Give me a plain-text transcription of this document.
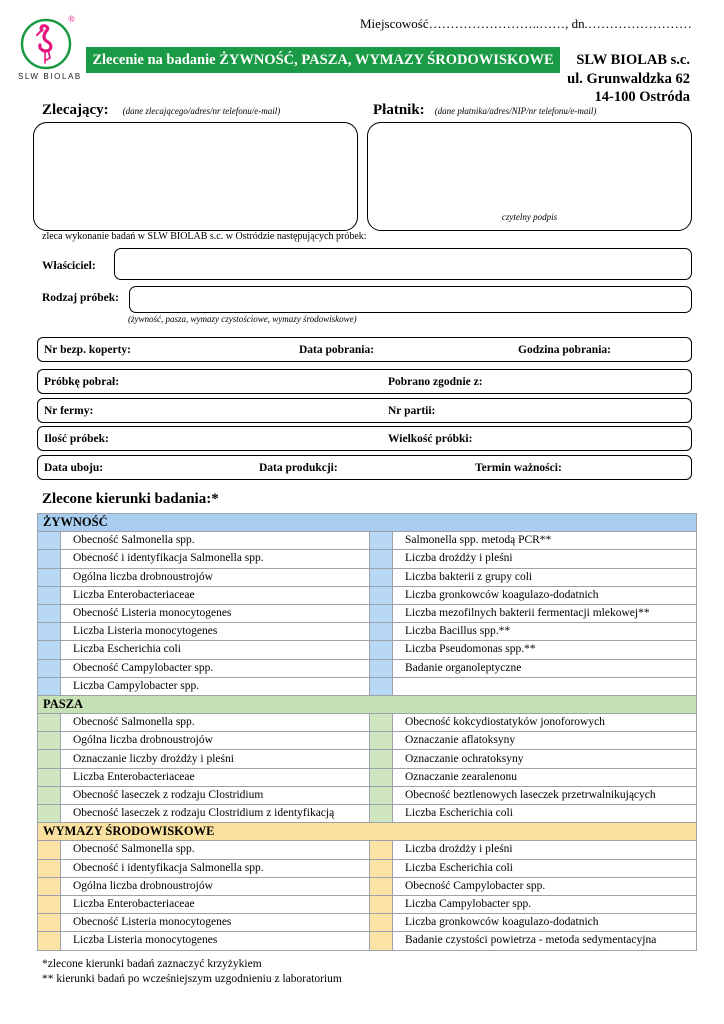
®
SLW BIOLAB
Miejscowość……………………..……, dn.……………………
Zlecenie na badanie ŻYWNOŚĆ, PASZA, WYMAZY ŚRODOWISKOWE	SLW BIOLAB s.c.
ul. Grunwaldzka 62
14-100 Ostróda
Zlecający: (dane zlecającego/adres/nr telefonu/e-mail)	Płatnik: (dane płatnika/adres/NIP/nr telefonu/e-mail)
czytelny podpis
zleca wykonanie badań w SLW BIOLAB s.c. w Ostródzie następujących próbek:
Właściciel:
Rodzaj próbek:
(żywność, pasza, wymazy czystościowe, wymazy środowiskowe)
Nr bezp. koperty:	Data pobrania:	Godzina pobrania:
Próbkę pobrał:	Pobrano zgodnie z:
Nr fermy:	Nr partii:
Ilość próbek:	Wielkość próbki:
Data uboju:	Data produkcji:	Termin ważności:
Zlecone kierunki badania:*
ŻYWNOŚĆ			
	Obecność Salmonella spp.		Salmonella spp. metodą PCR**
	Obecność i identyfikacja Salmonella spp.		Liczba drożdży i pleśni
	Ogólna liczba drobnoustrojów		Liczba bakterii z grupy coli
	Liczba Enterobacteriaceae		Liczba gronkowców koagulazo-dodatnich
	Obecność Listeria monocytogenes		Liczba mezofilnych bakterii fermentacji mlekowej**
	Liczba Listeria monocytogenes		Liczba Bacillus spp.**
	Liczba Escherichia coli		Liczba Pseudomonas spp.**
	Obecność Campylobacter spp.		Badanie organoleptyczne
	Liczba Campylobacter spp.		
PASZA			
	Obecność Salmonella spp.		Obecność kokcydiostatyków jonoforowych
	Ogólna liczba drobnoustrojów		Oznaczanie aflatoksyny
	Oznaczanie liczby drożdży i pleśni		Oznaczanie ochratoksyny
	Liczba Enterobacteriaceae		Oznaczanie zearalenonu
	Obecność laseczek z rodzaju Clostridium		Obecność beztlenowych laseczek przetrwalnikujących
	Obecność laseczek z rodzaju Clostridium z identyfikacją		Liczba Escherichia coli
WYMAZY ŚRODOWISKOWE			
	Obecność Salmonella spp.		Liczba drożdży i pleśni
	Obecność i identyfikacja Salmonella spp.		Liczba Escherichia coli
	Ogólna liczba drobnoustrojów		Obecność Campylobacter spp.
	Liczba Enterobacteriaceae		Liczba Campylobacter spp.
	Obecność Listeria monocytogenes		Liczba gronkowców koagulazo-dodatnich
	Liczba Listeria monocytogenes		Badanie czystości powietrza - metoda sedymentacyjna
*zlecone kierunki badań zaznaczyć krzyżykiem
** kierunki badań po wcześniejszym uzgodnieniu z laboratorium
